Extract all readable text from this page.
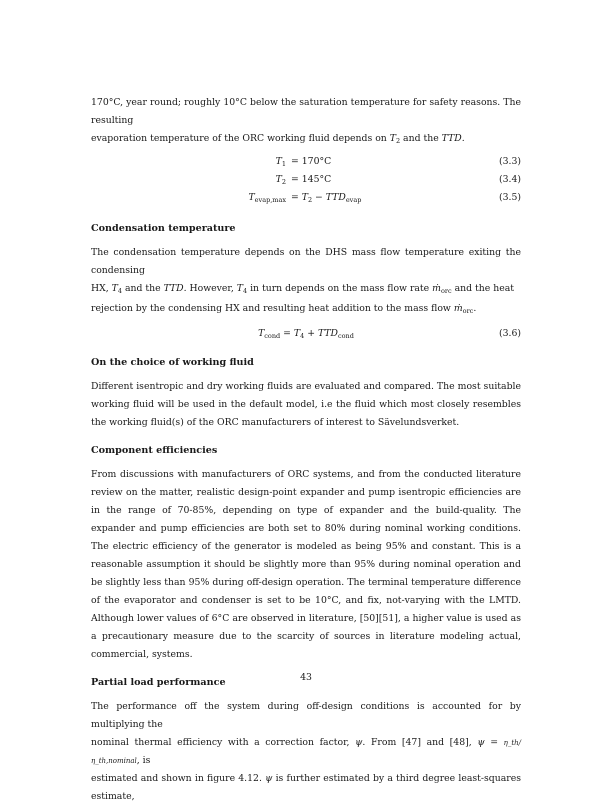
170°C, year round; roughly 10°C below the saturation temperature for safety reasons. The resulting
evaporation temperature of the ORC working fluid depends on $T_2$ and the TTD.

$T_1 = 170^\circ C$	(3.3)
$T_2 = 145^\circ C$	(3.4)
$T_{evap,max} = T_2 - TTD_{evap}$	(3.5)
Condensation temperature

The condensation temperature depends on the DHS mass flow temperature exiting the condensing
HX, $T_4$ and the TTD. However, $T_4$ in turn depends on the mass flow rate ṁ$_{orc}$ and the heat
rejection by the condensing HX and resulting heat addition to the mass flow ṁ$_{orc}$.

$T_{cond} = T_4 + TTD_{cond}$	(3.6)
On the choice of working fluid

Different isentropic and dry working fluids are evaluated and compared. The most suitable working fluid will be used in the default model, i.e the fluid which most closely resembles the working fluid(s) of the ORC manufacturers of interest to Sävelundsverket.

Component efficiencies

From discussions with manufacturers of ORC systems, and from the conducted literature review on the matter, realistic design-point expander and pump isentropic efficiencies are in the range of 70-85%, depending on type of expander and the build-quality. The expander and pump efficiencies are both set to 80% during nominal working conditions. The electric efficiency of the generator is modeled as being 95% and constant. This is a reasonable assumption it should be slightly more than 95% during nominal operation and be slightly less than 95% during off-design operation. The terminal temperature difference of the evaporator and condenser is set to be 10°C, and fix, not-varying with the LMTD. Although lower values of 6°C are observed in literature, [50][51], a higher value is used as a precautionary measure due to the scarcity of sources in literature modeling actual, commercial, systems.

Partial load performance

The performance off the system during off-design conditions is accounted for by multiplying the
nominal thermal efficiency with a correction factor, ψ. From [47] and [48], ψ = η_th/η_th,nominal, is
estimated and shown in figure 4.12. ψ is further estimated by a third degree least-squares estimate,

43
